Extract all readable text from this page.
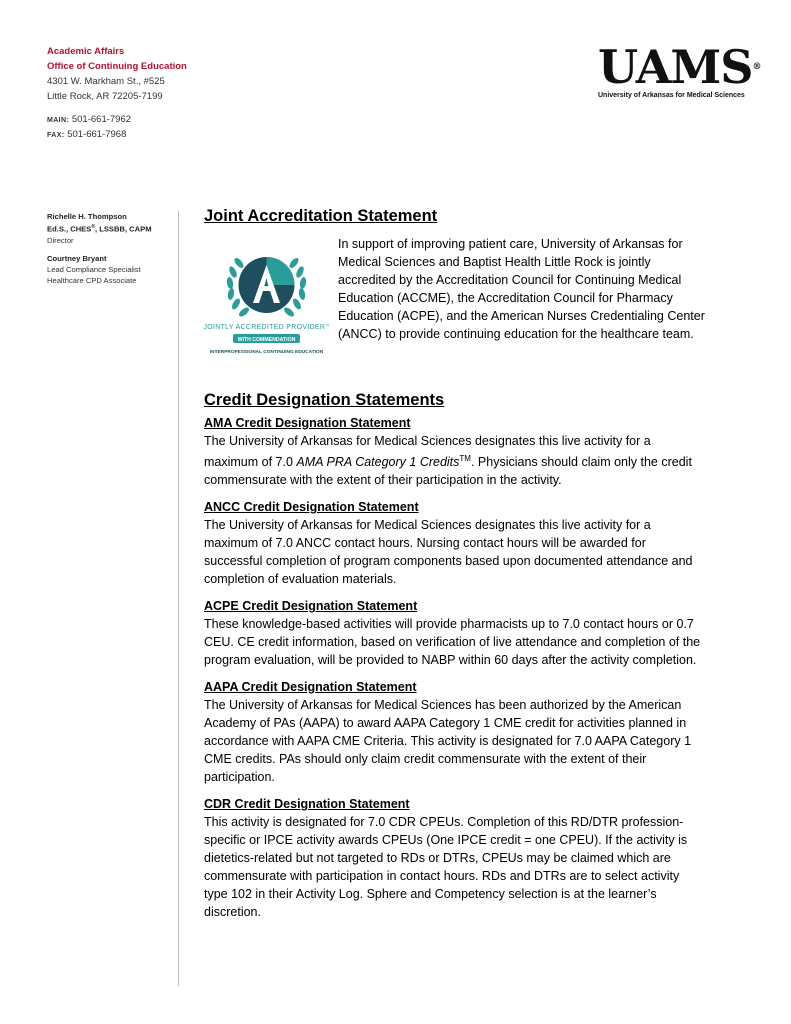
Academic Affairs
Office of Continuing Education
4301 W. Markham St., #525
Little Rock, AR 72205-7199
MAIN: 501-661-7962
FAX: 501-661-7968
UAMS®
University of Arkansas for Medical Sciences
Richelle H. Thompson
Ed.S., CHES®, LSSBB, CAPM
Director
Courtney Bryant
Lead Compliance Specialist
Healthcare CPD Associate
Joint Accreditation Statement
JOINTLY ACCREDITED PROVIDER™
WITH COMMENDATION
INTERPROFESSIONAL CONTINUING EDUCATION
In support of improving patient care, University of Arkansas for Medical Sciences and Baptist Health Little Rock is jointly accredited by the Accreditation Council for Continuing Medical Education (ACCME), the Accreditation Council for Pharmacy Education (ACPE), and the American Nurses Credentialing Center (ANCC) to provide continuing education for the healthcare team.
Credit Designation Statements
AMA Credit Designation Statement
The University of Arkansas for Medical Sciences designates this live activity for a maximum of 7.0 AMA PRA Category 1 Credits™. Physicians should claim only the credit commensurate with the extent of their participation in the activity.
ANCC Credit Designation Statement
The University of Arkansas for Medical Sciences designates this live activity for a maximum of 7.0 ANCC contact hours. Nursing contact hours will be awarded for successful completion of program components based upon documented attendance and completion of evaluation materials.
ACPE Credit Designation Statement
These knowledge-based activities will provide pharmacists up to 7.0 contact hours or 0.7 CEU. CE credit information, based on verification of live attendance and completion of the program evaluation, will be provided to NABP within 60 days after the activity completion.
AAPA Credit Designation Statement
The University of Arkansas for Medical Sciences has been authorized by the American Academy of PAs (AAPA) to award AAPA Category 1 CME credit for activities planned in accordance with AAPA CME Criteria. This activity is designated for 7.0 AAPA Category 1 CME credits. PAs should only claim credit commensurate with the extent of their participation.
CDR Credit Designation Statement
This activity is designated for 7.0 CDR CPEUs. Completion of this RD/DTR profession-specific or IPCE activity awards CPEUs (One IPCE credit = one CPEU). If the activity is dietetics-related but not targeted to RDs or DTRs, CPEUs may be claimed which are commensurate with participation in contact hours. RDs and DTRs are to select activity type 102 in their Activity Log. Sphere and Competency selection is at the learner’s discretion.
